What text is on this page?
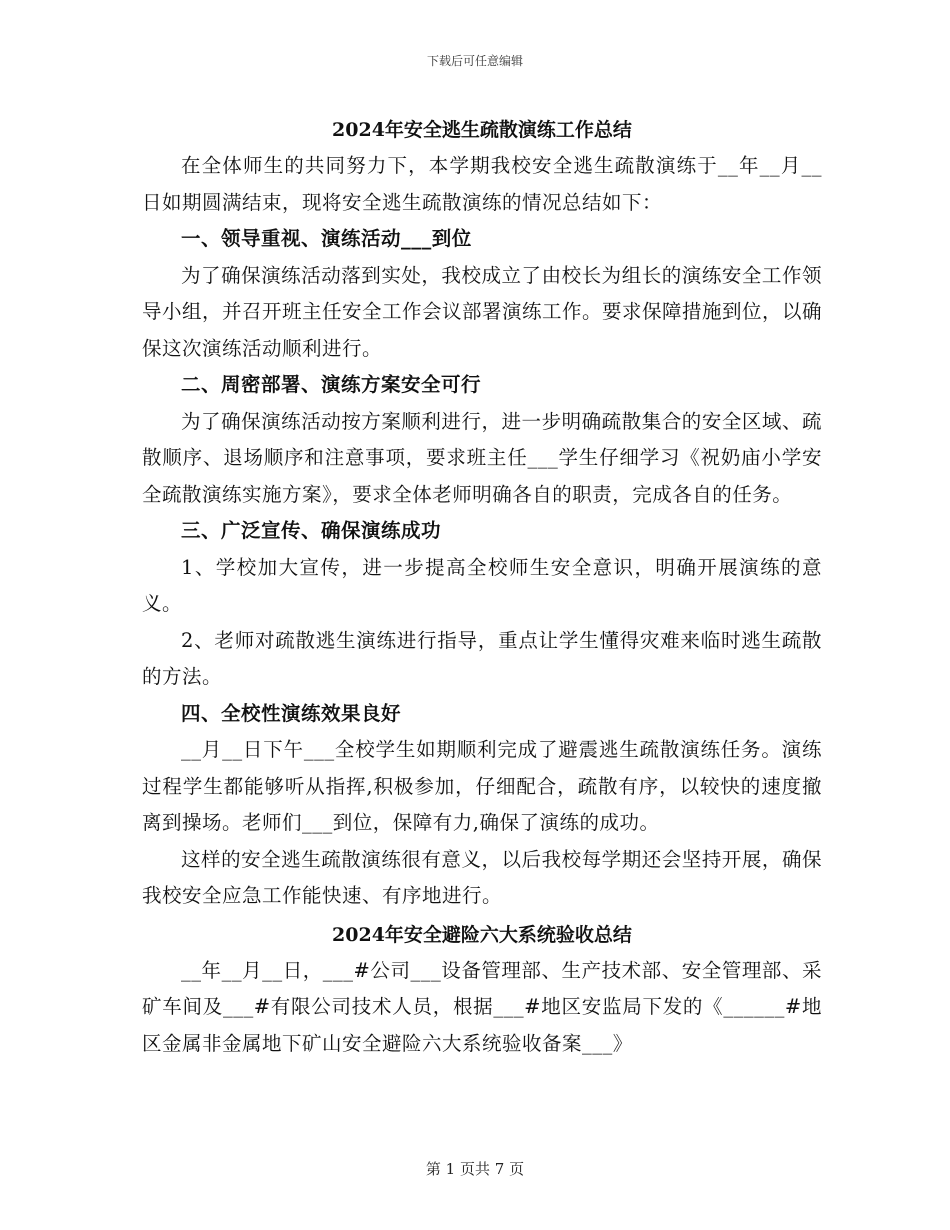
下载后可任意编辑

2024年安全逃生疏散演练工作总结

在全体师生的共同努力下，本学期我校安全逃生疏散演练于__年__月__日如期圆满结束，现将安全逃生疏散演练的情况总结如下：

一、领导重视、演练活动___到位

为了确保演练活动落到实处，我校成立了由校长为组长的演练安全工作领导小组，并召开班主任安全工作会议部署演练工作。要求保障措施到位，以确保这次演练活动顺利进行。

二、周密部署、演练方案安全可行

为了确保演练活动按方案顺利进行，进一步明确疏散集合的安全区域、疏散顺序、退场顺序和注意事项，要求班主任___学生仔细学习《祝奶庙小学安全疏散演练实施方案》，要求全体老师明确各自的职责，完成各自的任务。

三、广泛宣传、确保演练成功

1、学校加大宣传，进一步提高全校师生安全意识，明确开展演练的意义。

2、老师对疏散逃生演练进行指导，重点让学生懂得灾难来临时逃生疏散的方法。

四、全校性演练效果良好

__月__日下午___全校学生如期顺利完成了避震逃生疏散演练任务。演练过程学生都能够听从指挥,积极参加，仔细配合，疏散有序，以较快的速度撤离到操场。老师们___到位，保障有力,确保了演练的成功。

这样的安全逃生疏散演练很有意义，以后我校每学期还会坚持开展，确保我校安全应急工作能快速、有序地进行。

2024年安全避险六大系统验收总结

__年__月__日，___#公司___设备管理部、生产技术部、安全管理部、采矿车间及___#有限公司技术人员，根据___#地区安监局下发的《______#地区金属非金属地下矿山安全避险六大系统验收备案___》

第 1 页共 7 页
